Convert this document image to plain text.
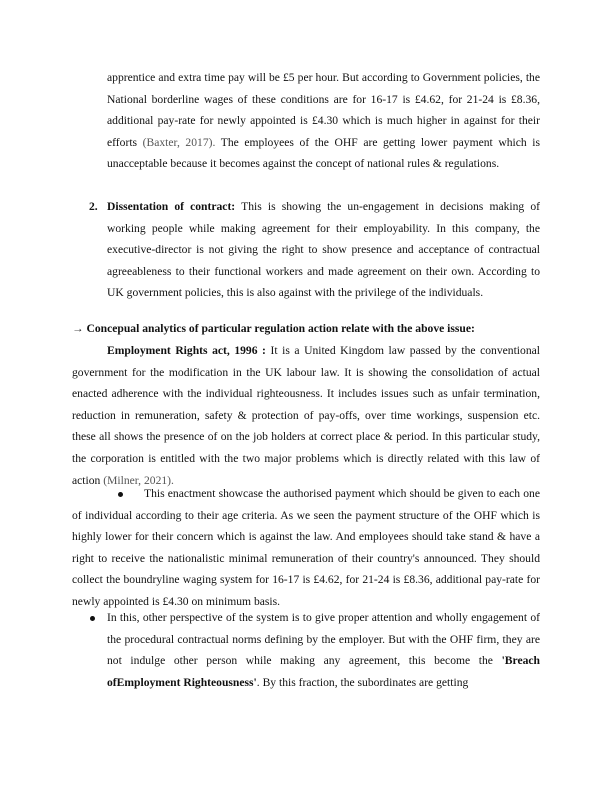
apprentice and extra time pay will be £5 per hour. But according to Government policies, the National borderline wages of these conditions are for 16-17 is £4.62, for 21-24 is £8.36, additional pay-rate for newly appointed is £4.30 which is much higher in against for their efforts (Baxter, 2017). The employees of the OHF are getting lower payment which is unacceptable because it becomes against the concept of national rules & regulations.

2. Dissentation of contract: This is showing the un-engagement in decisions making of working people while making agreement for their employability. In this company, the executive-director is not giving the right to show presence and acceptance of contractual agreeableness to their functional workers and made agreement on their own. According to UK government policies, this is also against with the privilege of the individuals.

→ Concepual analytics of particular regulation action relate with the above issue:

Employment Rights act, 1996 : It is a United Kingdom law passed by the conventional government for the modification in the UK labour law. It is showing the consolidation of actual enacted adherence with the individual righteousness. It includes issues such as unfair termination, reduction in remuneration, safety & protection of pay-offs, over time workings, suspension etc. these all shows the presence of on the job holders at correct place & period. In this particular study, the corporation is entitled with the two major problems which is directly related with this law of action (Milner, 2021).

This enactment showcase the authorised payment which should be given to each one of individual according to their age criteria. As we seen the payment structure of the OHF which is highly lower for their concern which is against the law. And employees should take stand & have a right to receive the nationalistic minimal remuneration of their country's announced. They should collect the boundryline waging system for 16-17 is £4.62, for 21-24 is £8.36, additional pay-rate for newly appointed is £4.30 on minimum basis.

In this, other perspective of the system is to give proper attention and wholly engagement of the procedural contractual norms defining by the employer. But with the OHF firm, they are not indulge other person while making any agreement, this become the 'Breach ofEmployment Righteousness'. By this fraction, the subordinates are getting
